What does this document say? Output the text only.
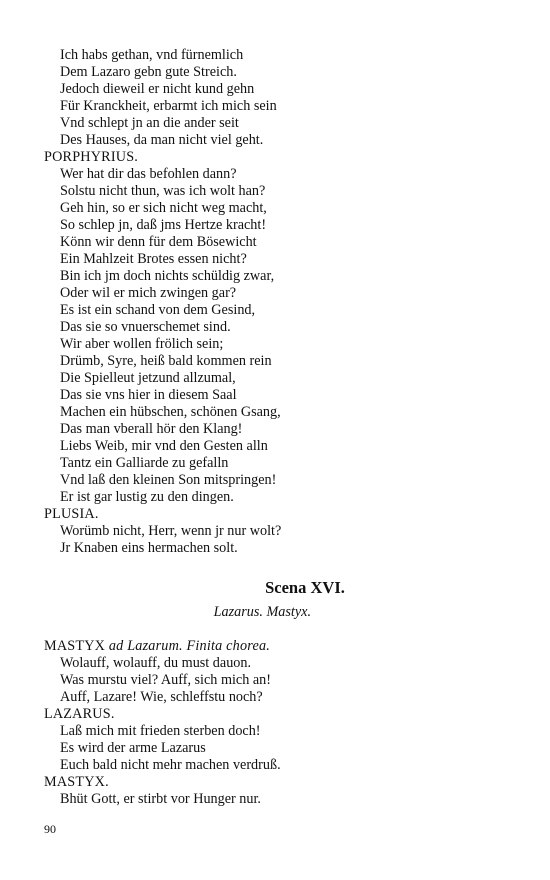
Ich habs gethan, vnd fürnemlich
Dem Lazaro gebn gute Streich.
Jedoch dieweil er nicht kund gehn
Für Kranckheit, erbarmt ich mich sein
Vnd schlept jn an die ander seit
Des Hauses, da man nicht viel geht.
PORPHYRIUS.
Wer hat dir das befohlen dann?
Solstu nicht thun, was ich wolt han?
Geh hin, so er sich nicht weg macht,
So schlep jn, daß jms Hertze kracht!
Könn wir denn für dem Bösewicht
Ein Mahlzeit Brotes essen nicht?
Bin ich jm doch nichts schüldig zwar,
Oder wil er mich zwingen gar?
Es ist ein schand von dem Gesind,
Das sie so vnuerschemet sind.
Wir aber wollen frölich sein;
Drümb, Syre, heiß bald kommen rein
Die Spielleut jetzund allzumal,
Das sie vns hier in diesem Saal
Machen ein hübschen, schönen Gsang,
Das man vberall hör den Klang!
Liebs Weib, mir vnd den Gesten alln
Tantz ein Galliarde zu gefalln
Vnd laß den kleinen Son mitspringen!
Er ist gar lustig zu den dingen.
PLUSIA.
Worümb nicht, Herr, wenn jr nur wolt?
Jr Knaben eins hermachen solt.
Scena XVI.
Lazarus. Mastyx.
MASTYX ad Lazarum. Finita chorea.
Wolauff, wolauff, du must dauon.
Was murstu viel? Auff, sich mich an!
Auff, Lazare! Wie, schleffstu noch?
LAZARUS.
Laß mich mit frieden sterben doch!
Es wird der arme Lazarus
Euch bald nicht mehr machen verdruß.
MASTYX.
Bhüt Gott, er stirbt vor Hunger nur.
90
